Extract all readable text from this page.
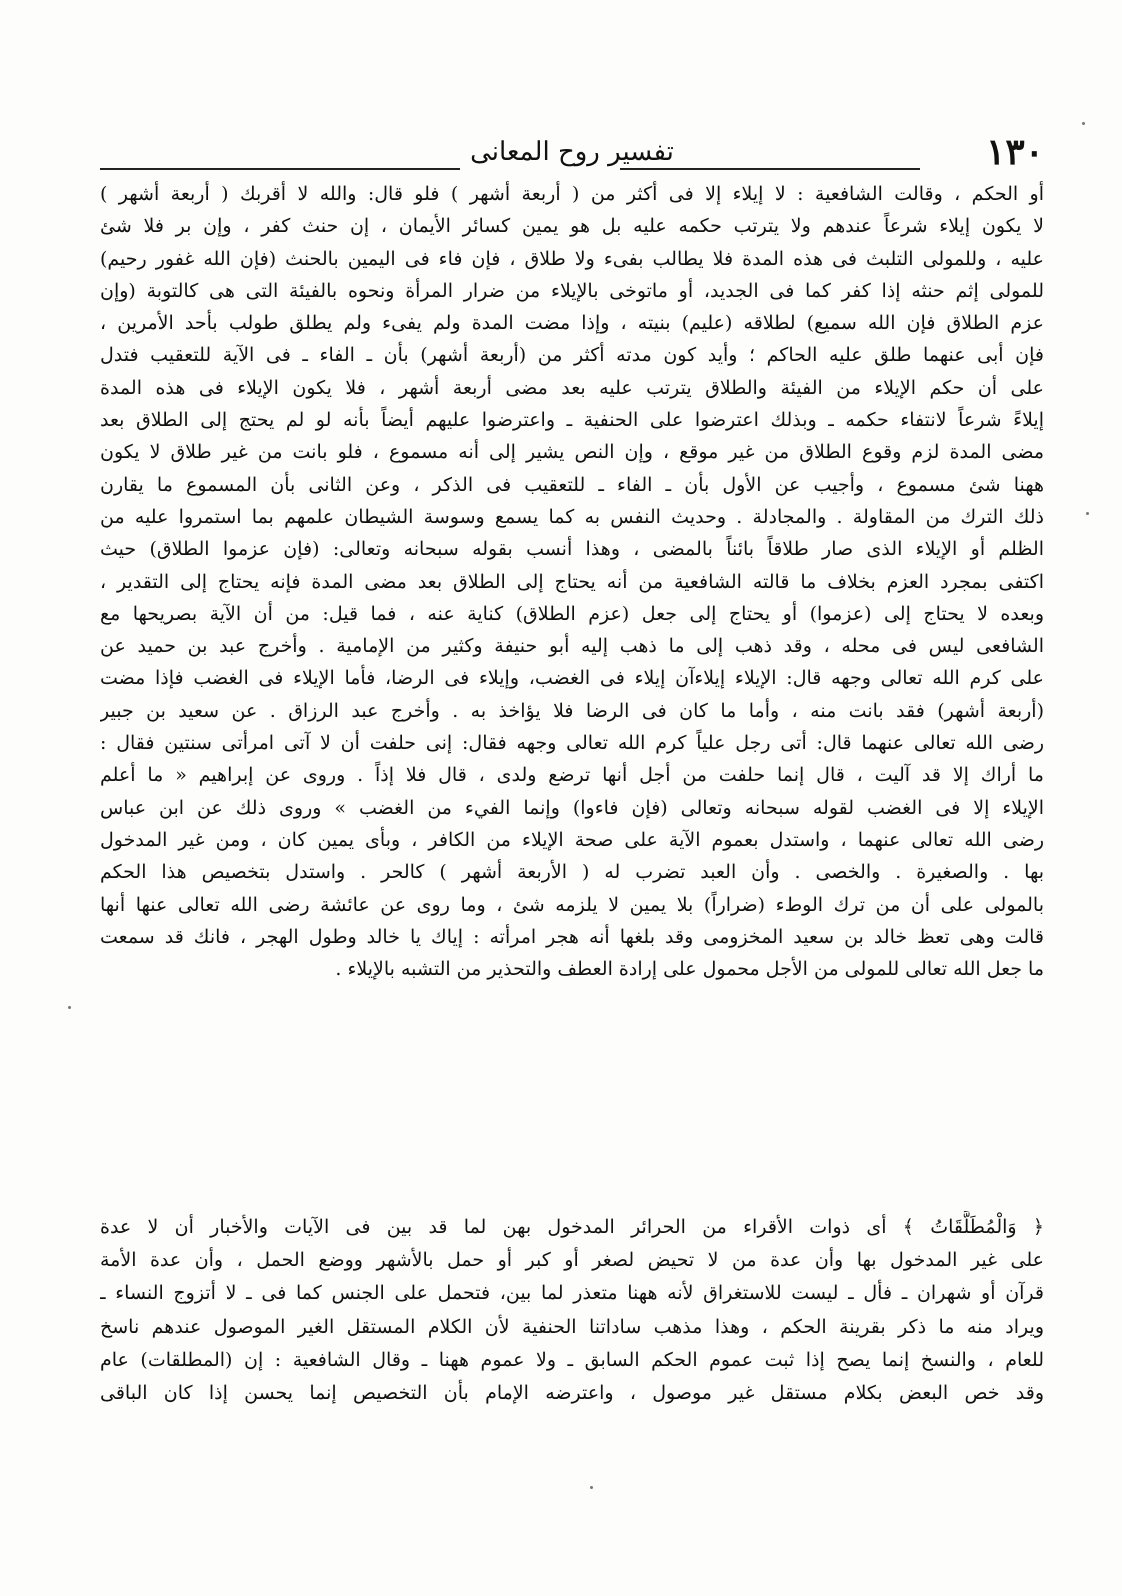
١٣٠
تفسير روح المعانى
أو الحكم ، وقالت الشافعية : لا إيلاء إلا فى أكثر من ( أربعة أشهر ) فلو قال: والله لا أقربك ( أربعة أشهر )
لا يكون إيلاء شرعاً عندهم ولا يترتب حكمه عليه بل هو يمين كسائر الأيمان ، إن حنث كفر ، وإن بر فلا شئ
عليه ، وللمولى التلبث فى هذه المدة فلا يطالب بفىء ولا طلاق ، فإن فاء فى اليمين بالحنث (فإن الله غفور رحيم)
للمولى إثم حنثه إذا كفر كما فى الجديد، أو ماتوخى بالإيلاء من ضرار المرأة ونحوه بالفيئة التى هى كالتوبة (وإن
عزم الطلاق فإن الله سميع) لطلاقه (عليم) بنيته ، وإذا مضت المدة ولم يفىء ولم يطلق طولب بأحد الأمرين ،
فإن أبى عنهما طلق عليه الحاكم ؛ وأيد كون مدته أكثر من (أربعة أشهر) بأن ـ الفاء ـ فى الآية للتعقيب فتدل
على أن حكم الإيلاء من الفيئة والطلاق يترتب عليه بعد مضى أربعة أشهر ، فلا يكون الإيلاء فى هذه المدة
إيلاءً شرعاً لانتفاء حكمه ـ وبذلك اعترضوا على الحنفية ـ واعترضوا عليهم أيضاً بأنه لو لم يحتج إلى الطلاق بعد
مضى المدة لزم وقوع الطلاق من غير موقع ، وإن النص يشير إلى أنه مسموع ، فلو بانت من غير طلاق لا يكون
ههنا شئ مسموع ، وأجيب عن الأول بأن ـ الفاء ـ للتعقيب فى الذكر ، وعن الثانى بأن المسموع ما يقارن
ذلك الترك من المقاولة . والمجادلة . وحديث النفس به كما يسمع وسوسة الشيطان علمهم بما استمروا عليه من
الظلم أو الإيلاء الذى صار طلاقاً بائناً بالمضى ، وهذا أنسب بقوله سبحانه وتعالى: (فإن عزموا الطلاق) حيث
اكتفى بمجرد العزم بخلاف ما قالته الشافعية من أنه يحتاج إلى الطلاق بعد مضى المدة فإنه يحتاج إلى التقدير ،
وبعده لا يحتاج إلى (عزموا) أو يحتاج إلى جعل (عزم الطلاق) كناية عنه ، فما قيل: من أن الآية بصريحها مع
الشافعى ليس فى محله ، وقد ذهب إلى ما ذهب إليه أبو حنيفة وكثير من الإمامية . وأخرج عبد بن حميد عن
على كرم الله تعالى وجهه قال: الإيلاء إيلاءآن إيلاء فى الغضب، وإيلاء فى الرضا، فأما الإيلاء فى الغضب فإذا مضت
(أربعة أشهر) فقد بانت منه ، وأما ما كان فى الرضا فلا يؤاخذ به . وأخرج عبد الرزاق . عن سعيد بن جبير
رضى الله تعالى عنهما قال: أتى رجل علياً كرم الله تعالى وجهه فقال: إنى حلفت أن لا آتى امرأتى سنتين فقال :
ما أراك إلا قد آليت ، قال إنما حلفت من أجل أنها ترضع ولدى ، قال فلا إذاً . وروى عن إبراهيم « ما أعلم
الإيلاء إلا فى الغضب لقوله سبحانه وتعالى (فإن فاءوا) وإنما الفيء من الغضب » وروى ذلك عن ابن عباس
رضى الله تعالى عنهما ، واستدل بعموم الآية على صحة الإيلاء من الكافر ، وبأى يمين كان ، ومن غير المدخول
بها . والصغيرة . والخصى . وأن العبد تضرب له ( الأربعة أشهر ) كالحر . واستدل بتخصيص هذا الحكم
بالمولى على أن من ترك الوطء (ضراراً) بلا يمين لا يلزمه شئ ، وما روى عن عائشة رضى الله تعالى عنها أنها
قالت وهى تعظ خالد بن سعيد المخزومى وقد بلغها أنه هجر امرأته : إياك يا خالد وطول الهجر ، فانك قد سمعت
ما جعل الله تعالى للمولى من الأجل محمول على إرادة العطف والتحذير من التشبه بالإيلاء .
﴿ وَالْمُطَلَّقَاتُ ﴾ أى ذوات الأقراء من الحرائر المدخول بهن لما قد بين فى الآيات والأخبار أن لا عدة
على غير المدخول بها وأن عدة من لا تحيض لصغر أو كبر أو حمل بالأشهر ووضع الحمل ، وأن عدة الأمة
قرآن أو شهران ـ فأل ـ ليست للاستغراق لأنه ههنا متعذر لما بين، فتحمل على الجنس كما فى ـ لا أتزوج النساء ـ
ويراد منه ما ذكر بقرينة الحكم ، وهذا مذهب ساداتنا الحنفية لأن الكلام المستقل الغير الموصول عندهم ناسخ
للعام ، والنسخ إنما يصح إذا ثبت عموم الحكم السابق ـ ولا عموم ههنا ـ وقال الشافعية : إن (المطلقات) عام
وقد خص البعض بكلام مستقل غير موصول ، واعترضه الإمام بأن التخصيص إنما يحسن إذا كان الباقى
